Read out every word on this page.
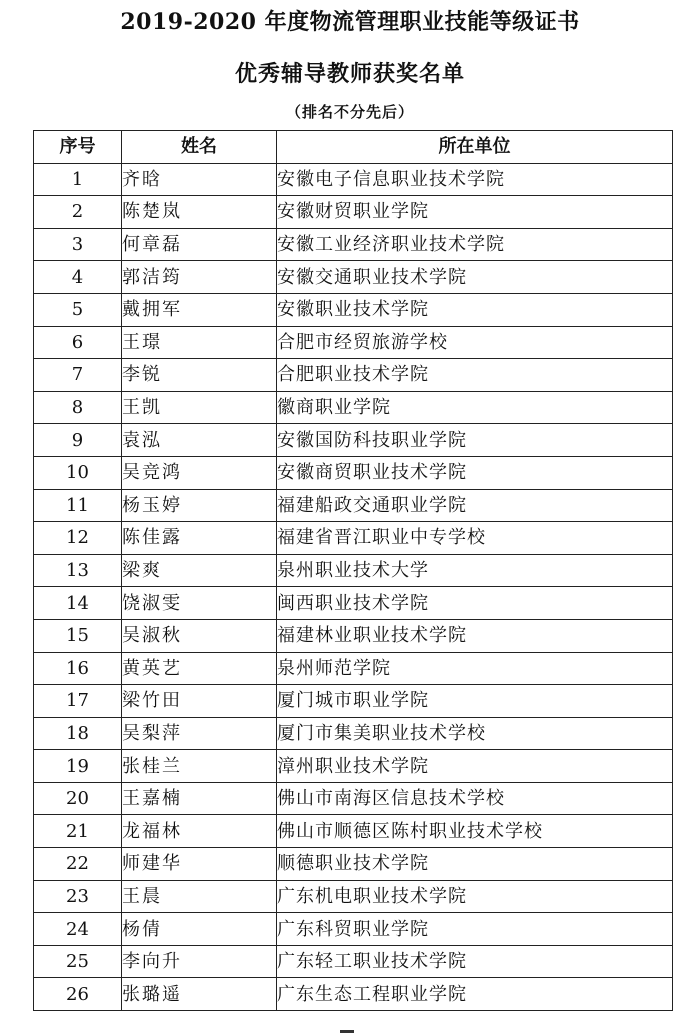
2019-2020 年度物流管理职业技能等级证书
优秀辅导教师获奖名单
（排名不分先后）
序号	姓名	所在单位
1	齐晗	安徽电子信息职业技术学院
2	陈楚岚	安徽财贸职业学院
3	何章磊	安徽工业经济职业技术学院
4	郭洁筠	安徽交通职业技术学院
5	戴拥军	安徽职业技术学院
6	王璟	合肥市经贸旅游学校
7	李锐	合肥职业技术学院
8	王凯	徽商职业学院
9	袁泓	安徽国防科技职业学院
10	吴竞鸿	安徽商贸职业技术学院
11	杨玉婷	福建船政交通职业学院
12	陈佳露	福建省晋江职业中专学校
13	梁爽	泉州职业技术大学
14	饶淑雯	闽西职业技术学院
15	吴淑秋	福建林业职业技术学院
16	黄英艺	泉州师范学院
17	梁竹田	厦门城市职业学院
18	吴梨萍	厦门市集美职业技术学校
19	张桂兰	漳州职业技术学院
20	王嘉楠	佛山市南海区信息技术学校
21	龙福林	佛山市顺德区陈村职业技术学校
22	师建华	顺德职业技术学院
23	王晨	广东机电职业技术学院
24	杨倩	广东科贸职业学院
25	李向升	广东轻工职业技术学院
26	张璐遥	广东生态工程职业学院
